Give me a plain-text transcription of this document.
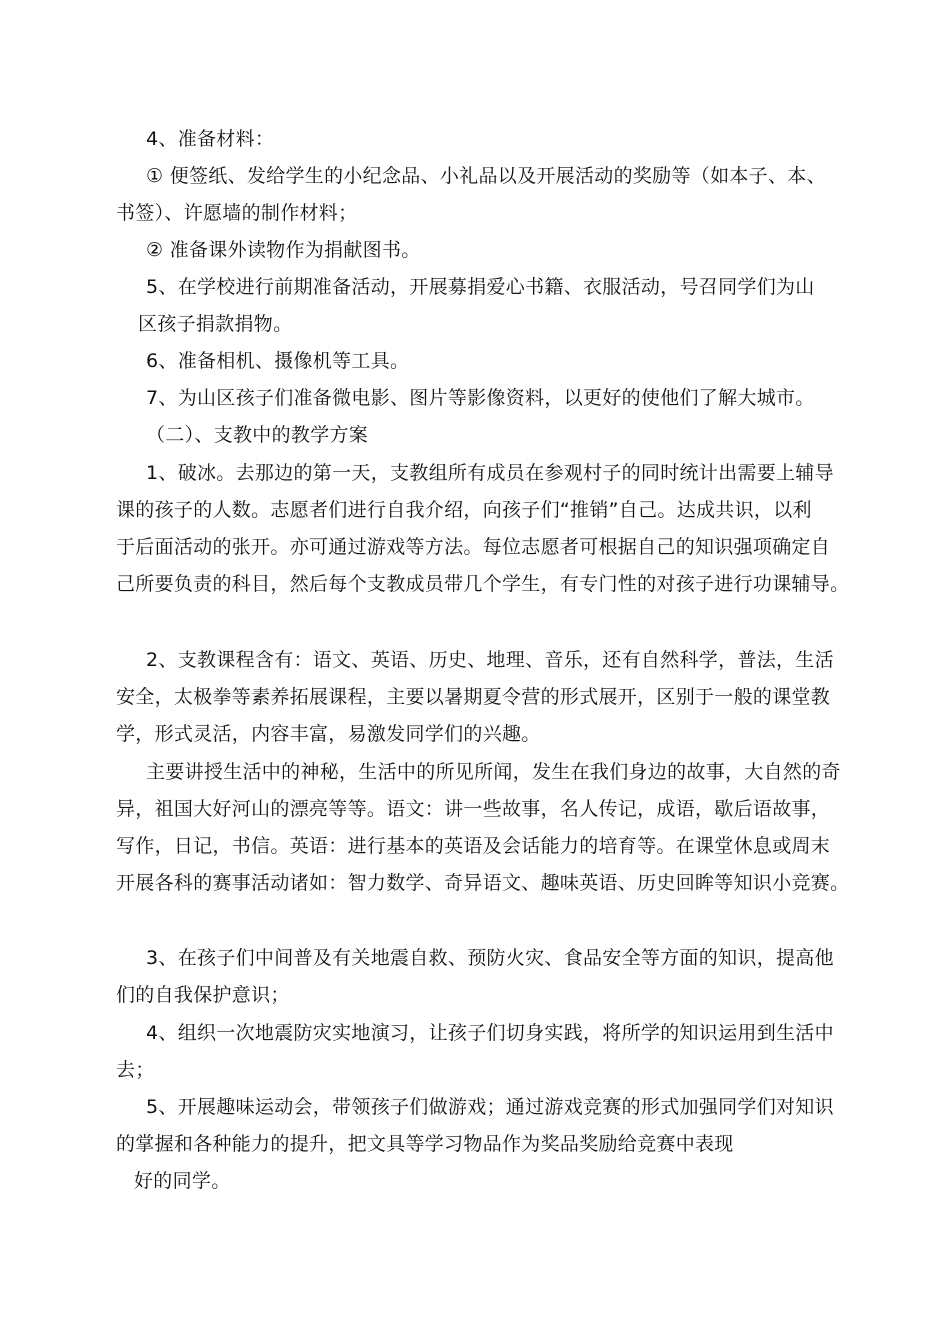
4、准备材料：
① 便签纸、发给学生的小纪念品、小礼品以及开展活动的奖励等（如本子、本、
书签）、许愿墙的制作材料；
② 准备课外读物作为捐献图书。
5、在学校进行前期准备活动，开展募捐爱心书籍、衣服活动，号召同学们为山
区孩子捐款捐物。
6、准备相机、摄像机等工具。
7、为山区孩子们准备微电影、图片等影像资料，以更好的使他们了解大城市。
（二）、支教中的教学方案
1、破冰。去那边的第一天，支教组所有成员在参观村子的同时统计出需要上辅导
课的孩子的人数。志愿者们进行自我介绍，向孩子们“推销”自己。达成共识，以利
于后面活动的张开。亦可通过游戏等方法。每位志愿者可根据自己的知识强项确定自
己所要负责的科目，然后每个支教成员带几个学生，有专门性的对孩子进行功课辅导。
2、支教课程含有：语文、英语、历史、地理、音乐，还有自然科学，普法，生活
安全，太极拳等素养拓展课程，主要以暑期夏令营的形式展开，区别于一般的课堂教
学，形式灵活，内容丰富，易激发同学们的兴趣。
主要讲授生活中的神秘，生活中的所见所闻，发生在我们身边的故事，大自然的奇
异，祖国大好河山的漂亮等等。语文：讲一些故事，名人传记，成语，歇后语故事，
写作，日记，书信。英语：进行基本的英语及会话能力的培育等。在课堂休息或周末
开展各科的赛事活动诸如：智力数学、奇异语文、趣味英语、历史回眸等知识小竞赛。
3、在孩子们中间普及有关地震自救、预防火灾、食品安全等方面的知识，提高他
们的自我保护意识；
4、组织一次地震防灾实地演习，让孩子们切身实践，将所学的知识运用到生活中
去；
5、开展趣味运动会，带领孩子们做游戏；通过游戏竞赛的形式加强同学们对知识
的掌握和各种能力的提升，把文具等学习物品作为奖品奖励给竞赛中表现
好的同学。
